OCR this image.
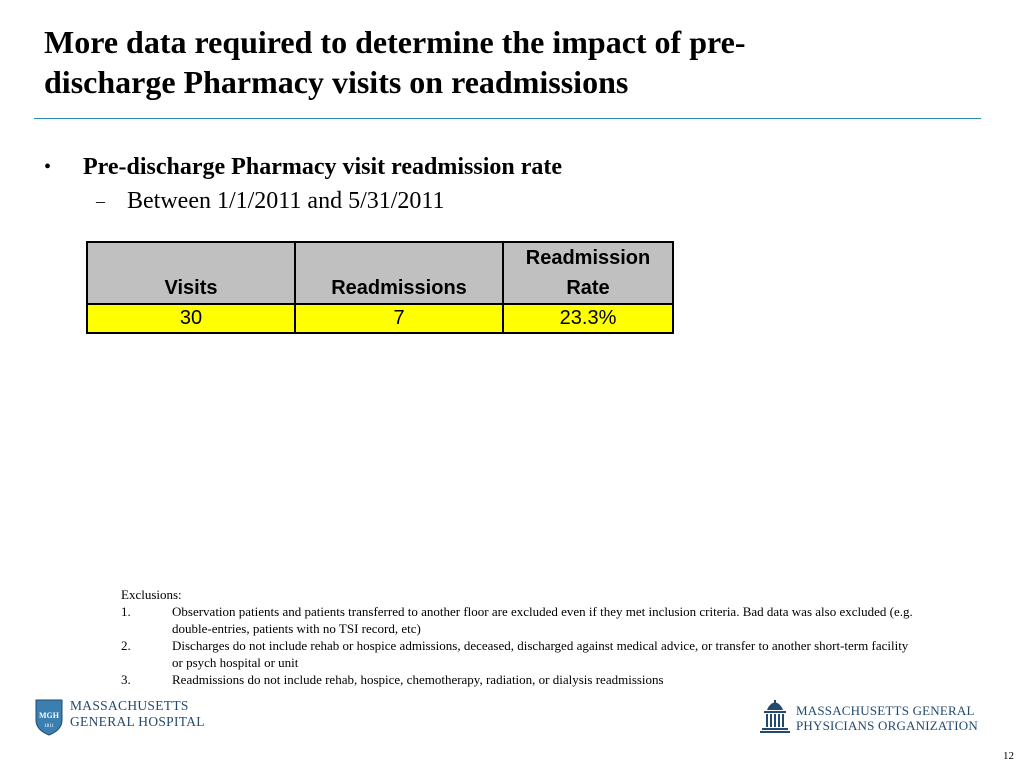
More data required to determine the impact of pre-
discharge Pharmacy visits on readmissions
•	Pre-discharge Pharmacy visit readmission rate
– Between 1/1/2011 and 5/31/2011
Visits	Readmissions	Readmission
Rate

30	7	23.3%
Exclusions:
1.	Observation patients and patients transferred to another floor are excluded even if they met inclusion criteria. Bad data was also excluded (e.g. double-entries, patients with no TSI record, etc)
2.	Discharges do not include rehab or hospice admissions, deceased, discharged against medical advice, or transfer to another short-term facility or psych hospital or unit
3.	Readmissions do not include rehab, hospice, chemotherapy, radiation, or dialysis readmissions
MGH
1811
MASSACHUSETTS
GENERAL HOSPITAL
MASSACHUSETTS GENERAL
PHYSICIANS ORGANIZATION
12
